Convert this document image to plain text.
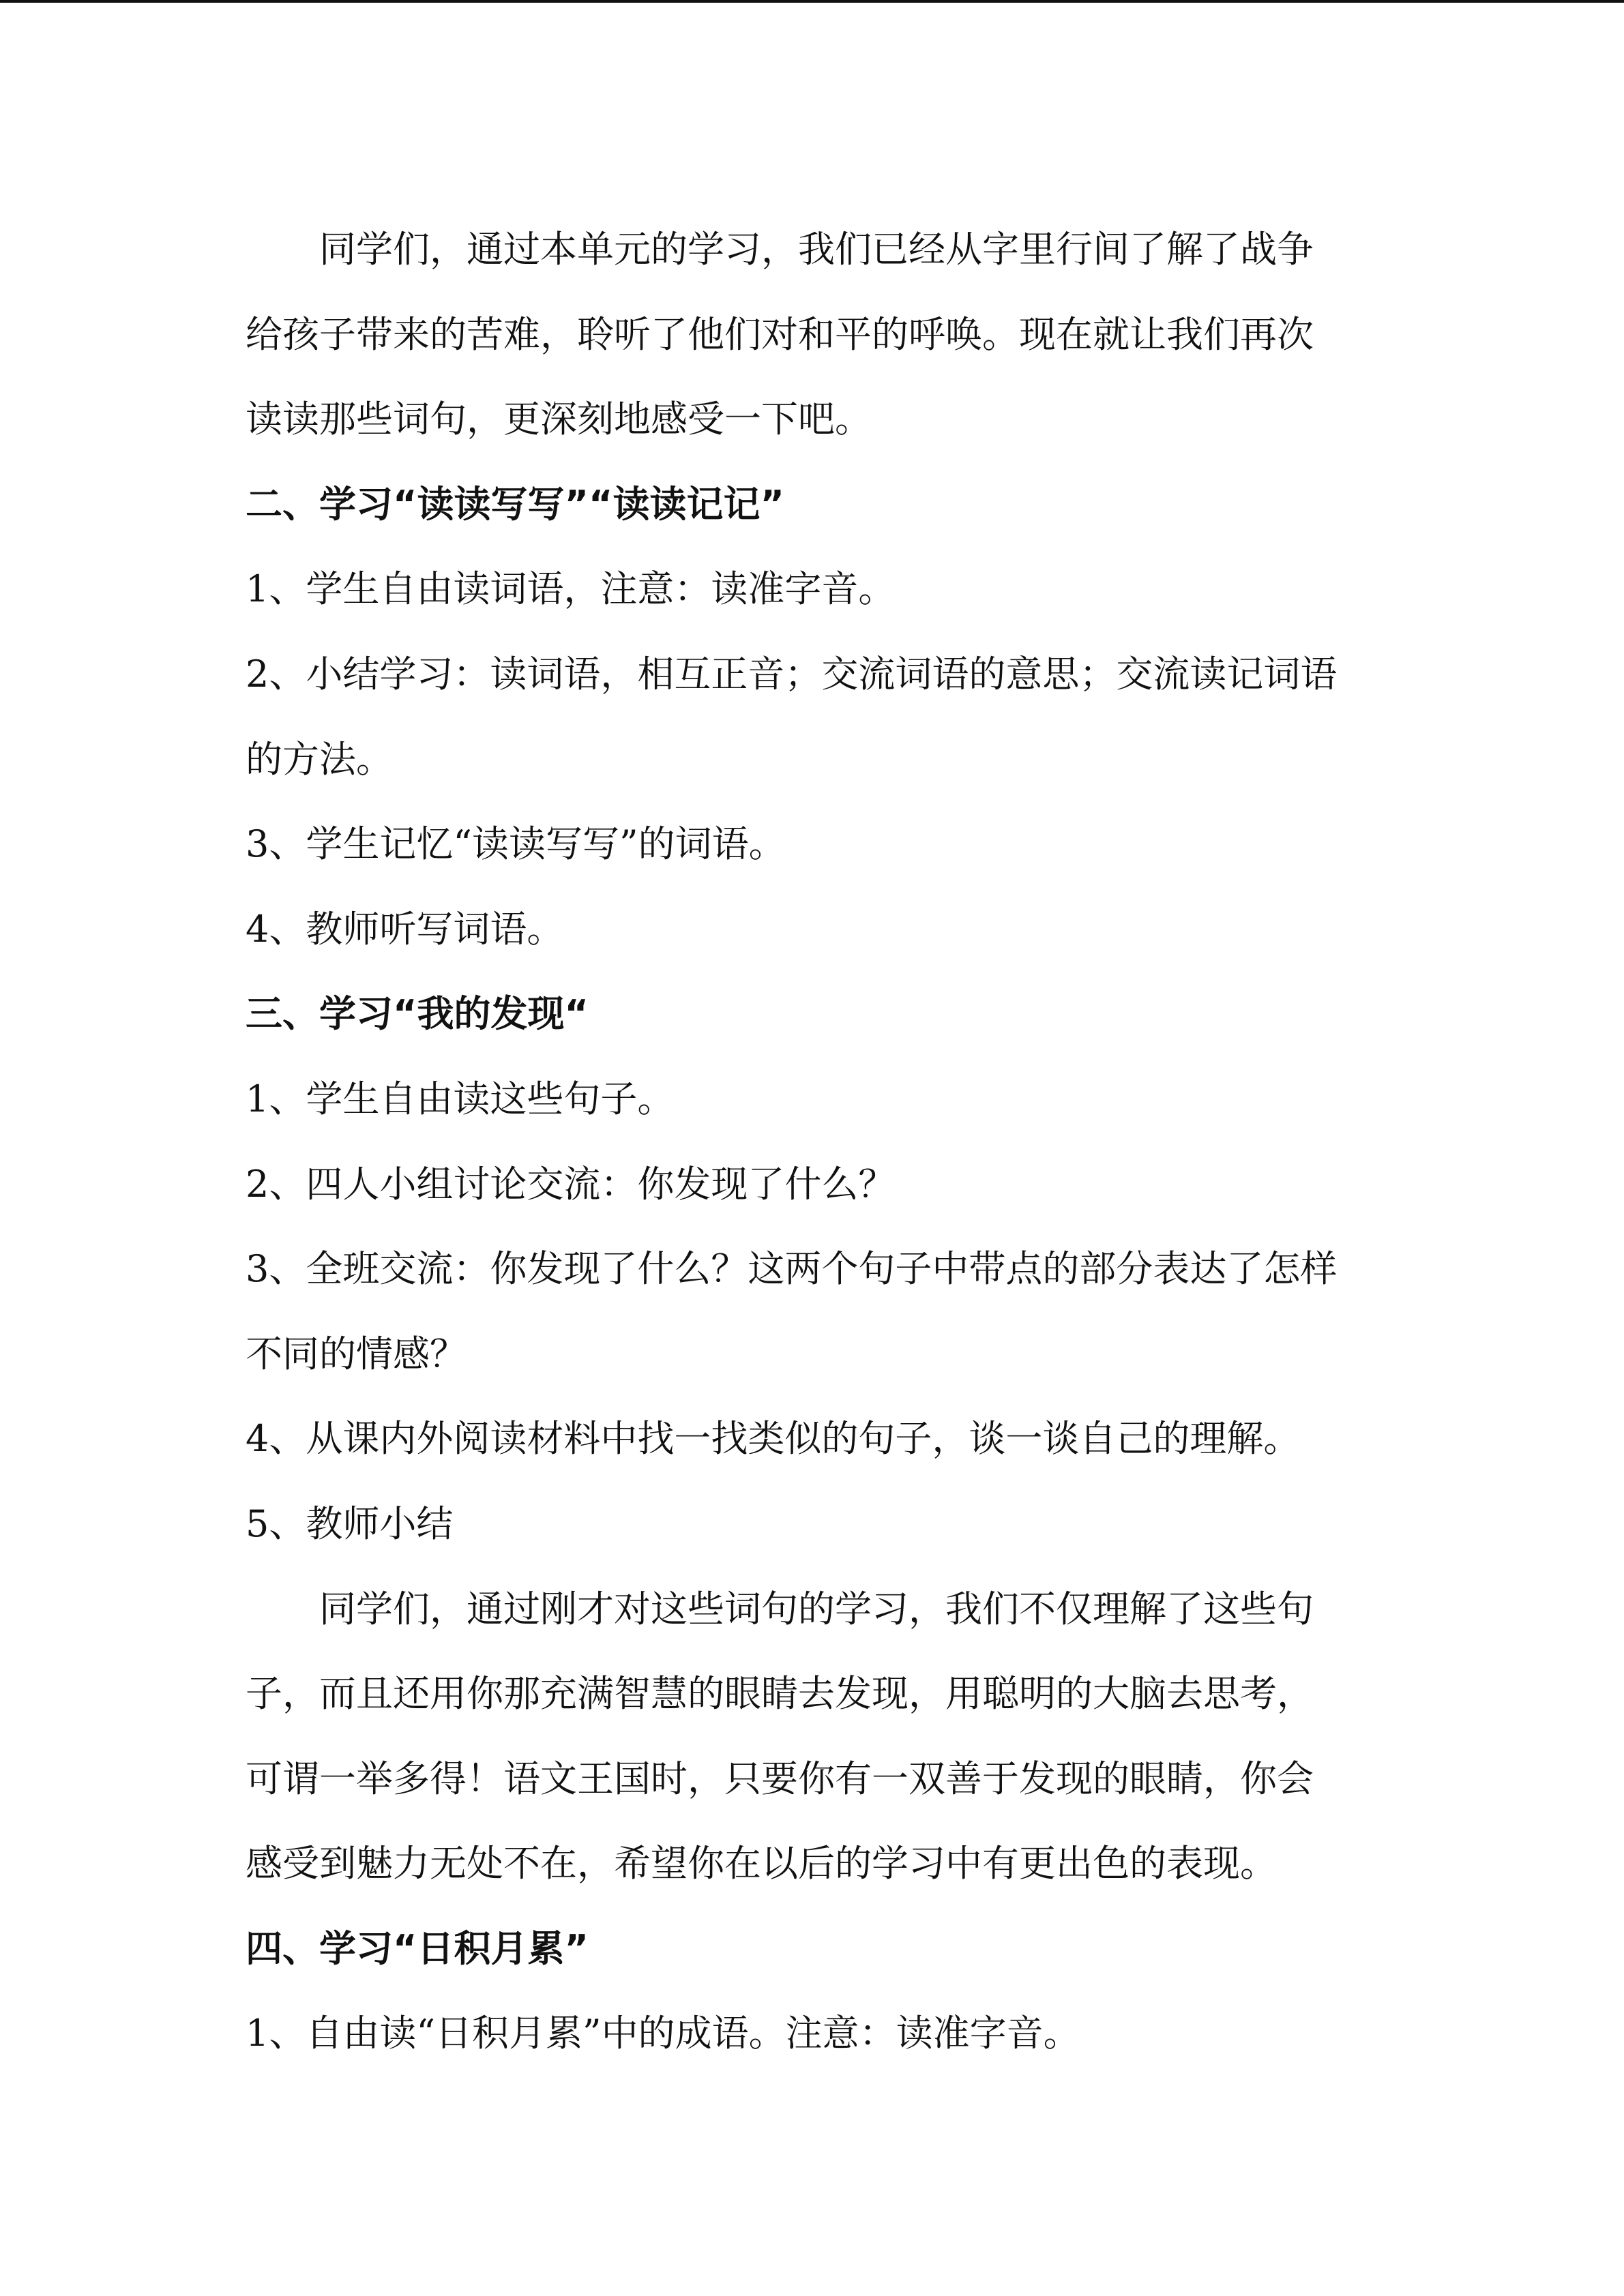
同学们，通过本单元的学习，我们已经从字里行间了解了战争
给孩子带来的苦难，聆听了他们对和平的呼唤。现在就让我们再次
读读那些词句，更深刻地感受一下吧。
二、学习“读读写写”“读读记记”
1、学生自由读词语，注意：读准字音。
2、小结学习：读词语，相互正音；交流词语的意思；交流读记词语
的方法。
3、学生记忆“读读写写”的词语。
4、教师听写词语。
三、学习“我的发现“
1、学生自由读这些句子。
2、四人小组讨论交流：你发现了什么？
3、全班交流：你发现了什么？这两个句子中带点的部分表达了怎样
不同的情感？
4、从课内外阅读材料中找一找类似的句子，谈一谈自己的理解。
5、教师小结
同学们，通过刚才对这些词句的学习，我们不仅理解了这些句
子，而且还用你那充满智慧的眼睛去发现，用聪明的大脑去思考，
可谓一举多得！语文王国时，只要你有一双善于发现的眼睛，你会
感受到魅力无处不在，希望你在以后的学习中有更出色的表现。
四、学习“日积月累”
1、自由读“日积月累”中的成语。注意：读准字音。
